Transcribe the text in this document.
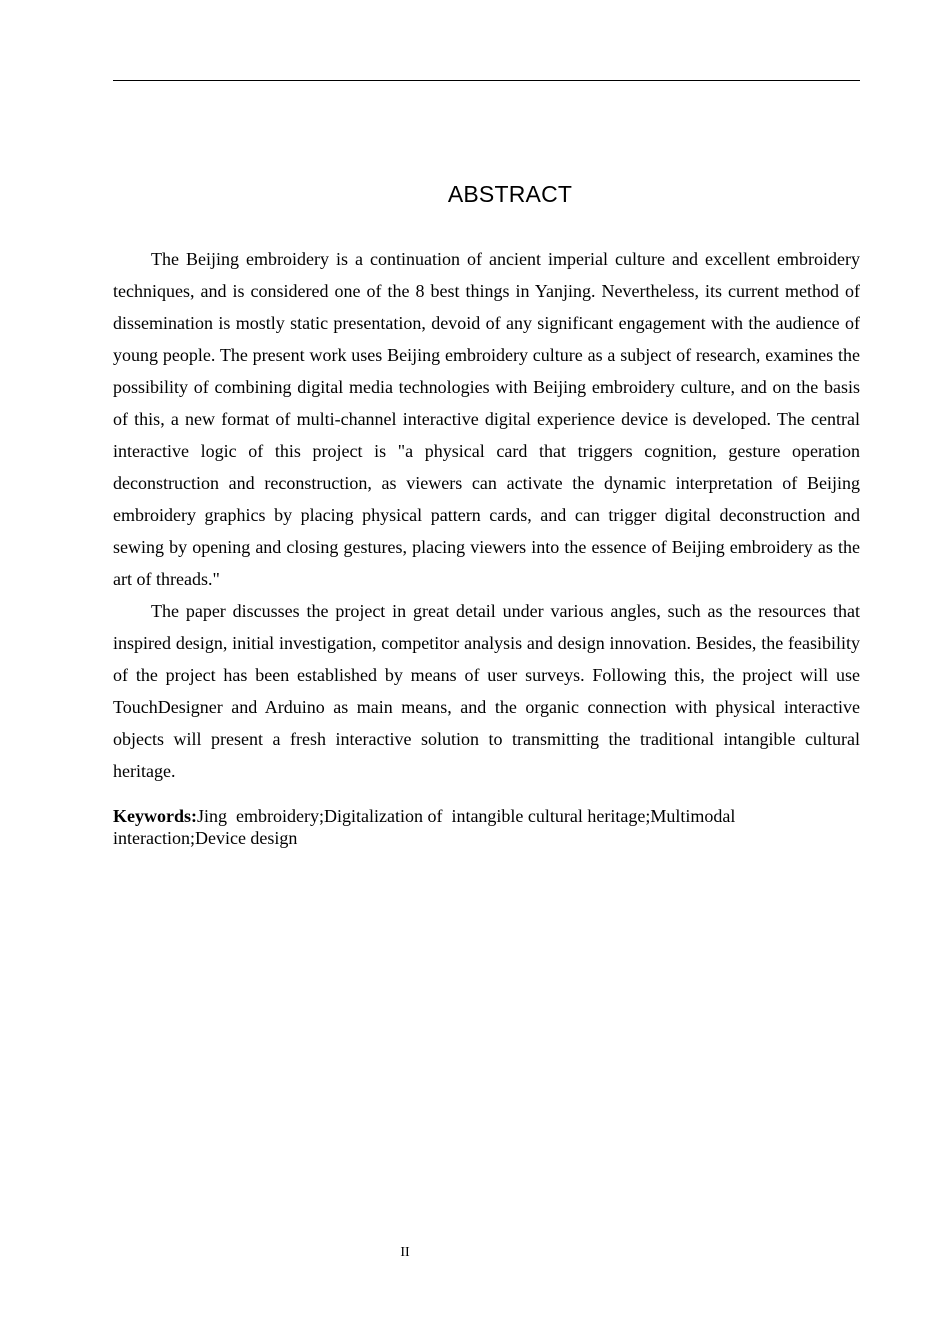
ABSTRACT

The Beijing embroidery is a continuation of ancient imperial culture and excellent embroidery techniques, and is considered one of the 8 best things in Yanjing. Nevertheless, its current method of dissemination is mostly static presentation, devoid of any significant engagement with the audience of young people. The present work uses Beijing embroidery culture as a subject of research, examines the possibility of combining digital media technologies with Beijing embroidery culture, and on the basis of this, a new format of multi-channel interactive digital experience device is developed. The central interactive logic of this project is "a physical card that triggers cognition, gesture operation deconstruction and reconstruction, as viewers can activate the dynamic interpretation of Beijing embroidery graphics by placing physical pattern cards, and can trigger digital deconstruction and sewing by opening and closing gestures, placing viewers into the essence of Beijing embroidery as the art of threads."

The paper discusses the project in great detail under various angles, such as the resources that inspired design, initial investigation, competitor analysis and design innovation. Besides, the feasibility of the project has been established by means of user surveys. Following this, the project will use TouchDesigner and Arduino as main means, and the organic connection with physical interactive objects will present a fresh interactive solution to transmitting the traditional intangible cultural heritage.

Keywords:Jing  embroidery;Digitalization of  intangible cultural heritage;Multimodal interaction;Device design
II
